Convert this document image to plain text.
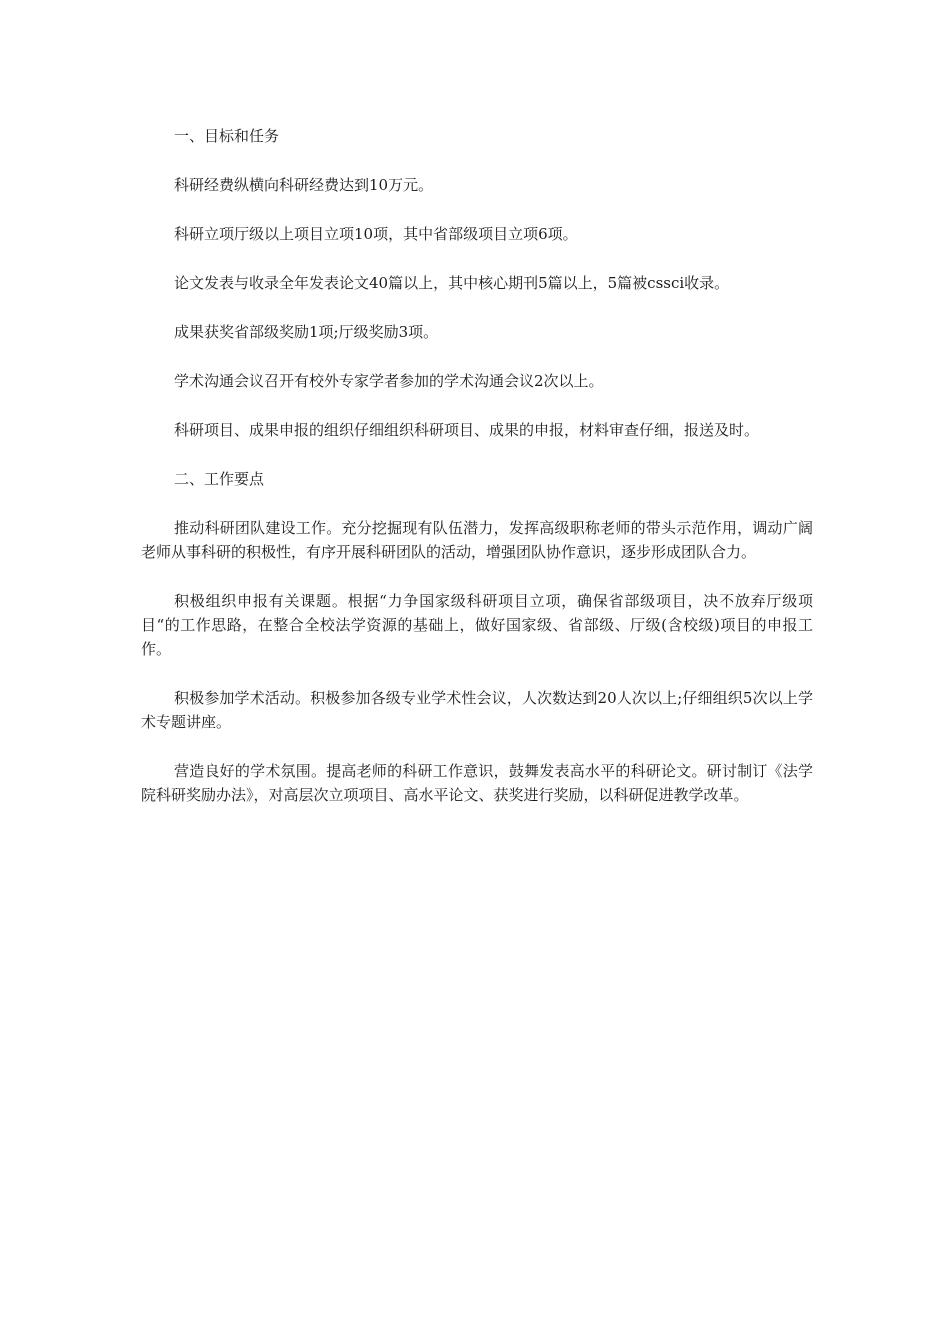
一、目标和任务

科研经费纵横向科研经费达到10万元。

科研立项厅级以上项目立项10项，其中省部级项目立项6项。

论文发表与收录全年发表论文40篇以上，其中核心期刊5篇以上，5篇被cssci收录。

成果获奖省部级奖励1项;厅级奖励3项。

学术沟通会议召开有校外专家学者参加的学术沟通会议2次以上。

科研项目、成果申报的组织仔细组织科研项目、成果的申报，材料审查仔细，报送及时。

二、工作要点

推动科研团队建设工作。充分挖掘现有队伍潜力，发挥高级职称老师的带头示范作用，调动广阔老师从事科研的积极性，有序开展科研团队的活动，增强团队协作意识，逐步形成团队合力。

积极组织申报有关课题。根据“力争国家级科研项目立项，确保省部级项目，决不放弃厅级项目“的工作思路，在整合全校法学资源的基础上，做好国家级、省部级、厅级(含校级)项目的申报工作。

积极参加学术活动。积极参加各级专业学术性会议，人次数达到20人次以上;仔细组织5次以上学术专题讲座。

营造良好的学术氛围。提高老师的科研工作意识，鼓舞发表高水平的科研论文。研讨制订《法学院科研奖励办法》，对高层次立项项目、高水平论文、获奖进行奖励，以科研促进教学改革。
